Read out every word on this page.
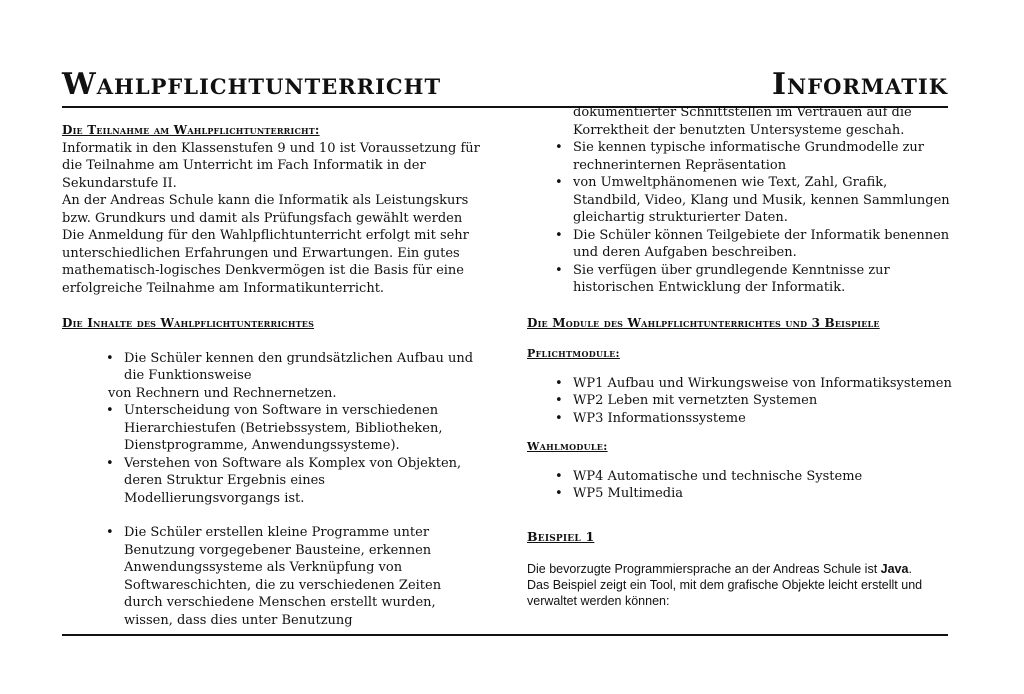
Wahlpflichtunterricht	Informatik
Die Teilnahme am Wahlpflichtunterricht:

Informatik in den Klassenstufen 9 und 10 ist Voraussetzung für die Teilnahme am Unterricht im Fach Informatik in der Sekundarstufe II.

An der Andreas Schule kann die Informatik als Leistungskurs bzw. Grundkurs und damit als Prüfungsfach gewählt werden

Die Anmeldung für den Wahlpflichtunterricht erfolgt mit sehr unterschiedlichen Erfahrungen und Erwartungen. Ein gutes mathematisch-logisches Denkvermögen ist die Basis für eine erfolgreiche Teilnahme am Informatikunterricht.

Die Inhalte des Wahlpflichtunterrichtes
• Die Schüler kennen den grundsätzlichen Aufbau und die Funktionsweise
von Rechnern und Rechnernetzen.
• Unterscheidung von Software in verschiedenen Hierarchiestufen (Betriebssystem, Bibliotheken, Dienstprogramme, Anwendungssysteme).
• Verstehen von Software als Komplex von Objekten, deren Struktur Ergebnis eines Modellierungsvorgangs ist.
• Die Schüler erstellen kleine Programme unter Benutzung vorgegebener Bausteine, erkennen Anwendungssysteme als Verknüpfung von Softwareschichten, die zu verschiedenen Zeiten durch verschiedene Menschen erstellt wurden, wissen, dass dies unter Benutzung
dokumentierter Schnittstellen im Vertrauen auf die Korrektheit der benutzten Untersysteme geschah.
• Sie kennen typische informatische Grundmodelle zur rechnerinternen Repräsentation
• von Umweltphänomenen wie Text, Zahl, Grafik, Standbild, Video, Klang und Musik, kennen Sammlungen gleichartig strukturierter Daten.
• Die Schüler können Teilgebiete der Informatik benennen und deren Aufgaben beschreiben.
• Sie verfügen über grundlegende Kenntnisse zur historischen Entwicklung der Informatik.
Die Module des Wahlpflichtunterrichtes und 3 Beispiele
Pflichtmodule:
• WP1 Aufbau und Wirkungsweise von Informatiksystemen
• WP2 Leben mit vernetzten Systemen
• WP3 Informationssysteme
Wahlmodule:
• WP4 Automatische und technische Systeme
• WP5 Multimedia
Beispiel 1
Die bevorzugte Programmiersprache an der Andreas Schule ist Java.
Das Beispiel zeigt ein Tool, mit dem grafische Objekte leicht erstellt und verwaltet werden können:
